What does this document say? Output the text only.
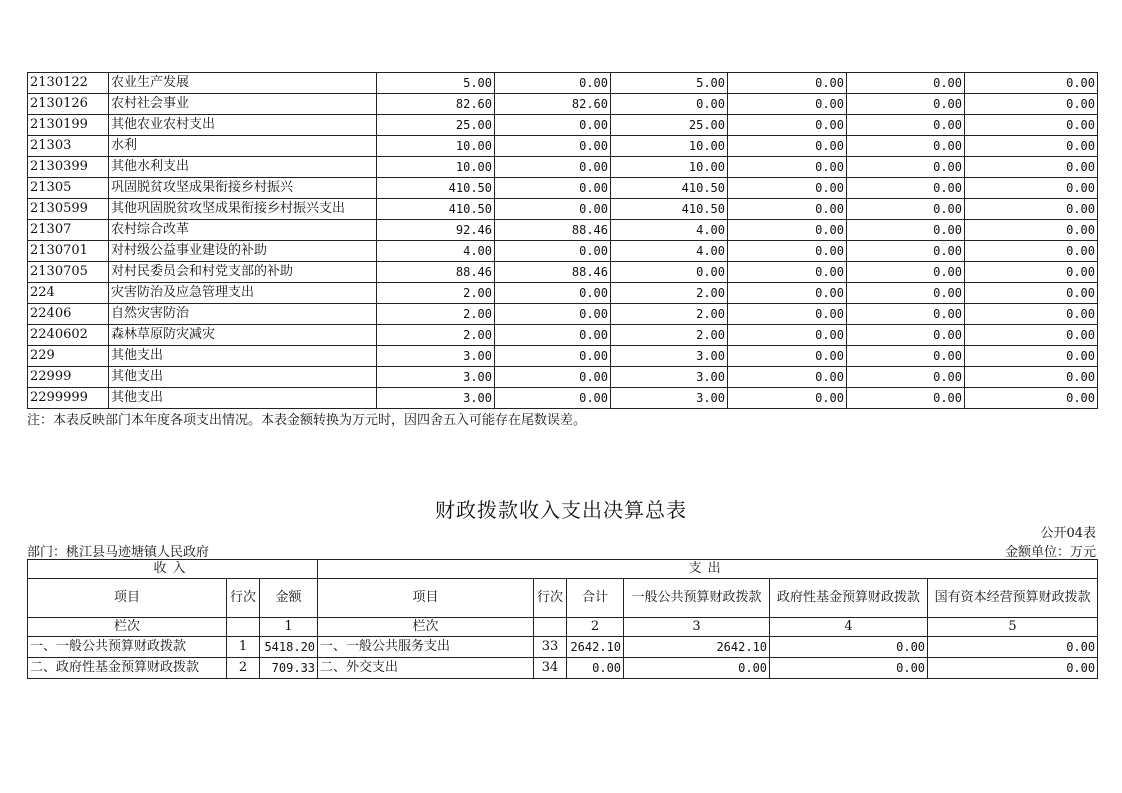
2130122	农业生产发展	5.00	0.00	5.00	0.00	0.00	0.00
2130126	农村社会事业	82.60	82.60	0.00	0.00	0.00	0.00
2130199	其他农业农村支出	25.00	0.00	25.00	0.00	0.00	0.00
21303	水利	10.00	0.00	10.00	0.00	0.00	0.00
2130399	其他水利支出	10.00	0.00	10.00	0.00	0.00	0.00
21305	巩固脱贫攻坚成果衔接乡村振兴	410.50	0.00	410.50	0.00	0.00	0.00
2130599	其他巩固脱贫攻坚成果衔接乡村振兴支出	410.50	0.00	410.50	0.00	0.00	0.00
21307	农村综合改革	92.46	88.46	4.00	0.00	0.00	0.00
2130701	对村级公益事业建设的补助	4.00	0.00	4.00	0.00	0.00	0.00
2130705	对村民委员会和村党支部的补助	88.46	88.46	0.00	0.00	0.00	0.00
224	灾害防治及应急管理支出	2.00	0.00	2.00	0.00	0.00	0.00
22406	自然灾害防治	2.00	0.00	2.00	0.00	0.00	0.00
2240602	森林草原防灾减灾	2.00	0.00	2.00	0.00	0.00	0.00
229	其他支出	3.00	0.00	3.00	0.00	0.00	0.00
22999	其他支出	3.00	0.00	3.00	0.00	0.00	0.00
2299999	其他支出	3.00	0.00	3.00	0.00	0.00	0.00
注：本表反映部门本年度各项支出情况。本表金额转换为万元时，因四舍五入可能存在尾数误差。
财政拨款收入支出决算总表
公开04表
部门：桃江县马迹塘镇人民政府	金额单位：万元
收入			支出					
项目	行次	金额	项目	行次	合计	一般公共预算财政拨款	政府性基金预算财政拨款	国有资本经营预算财政拨款
栏次		1	栏次		2	3	4	5
一、一般公共预算财政拨款	1	5418.20	一、一般公共服务支出	33	2642.10	2642.10	0.00	0.00
二、政府性基金预算财政拨款	2	709.33	二、外交支出	34	0.00	0.00	0.00	0.00
